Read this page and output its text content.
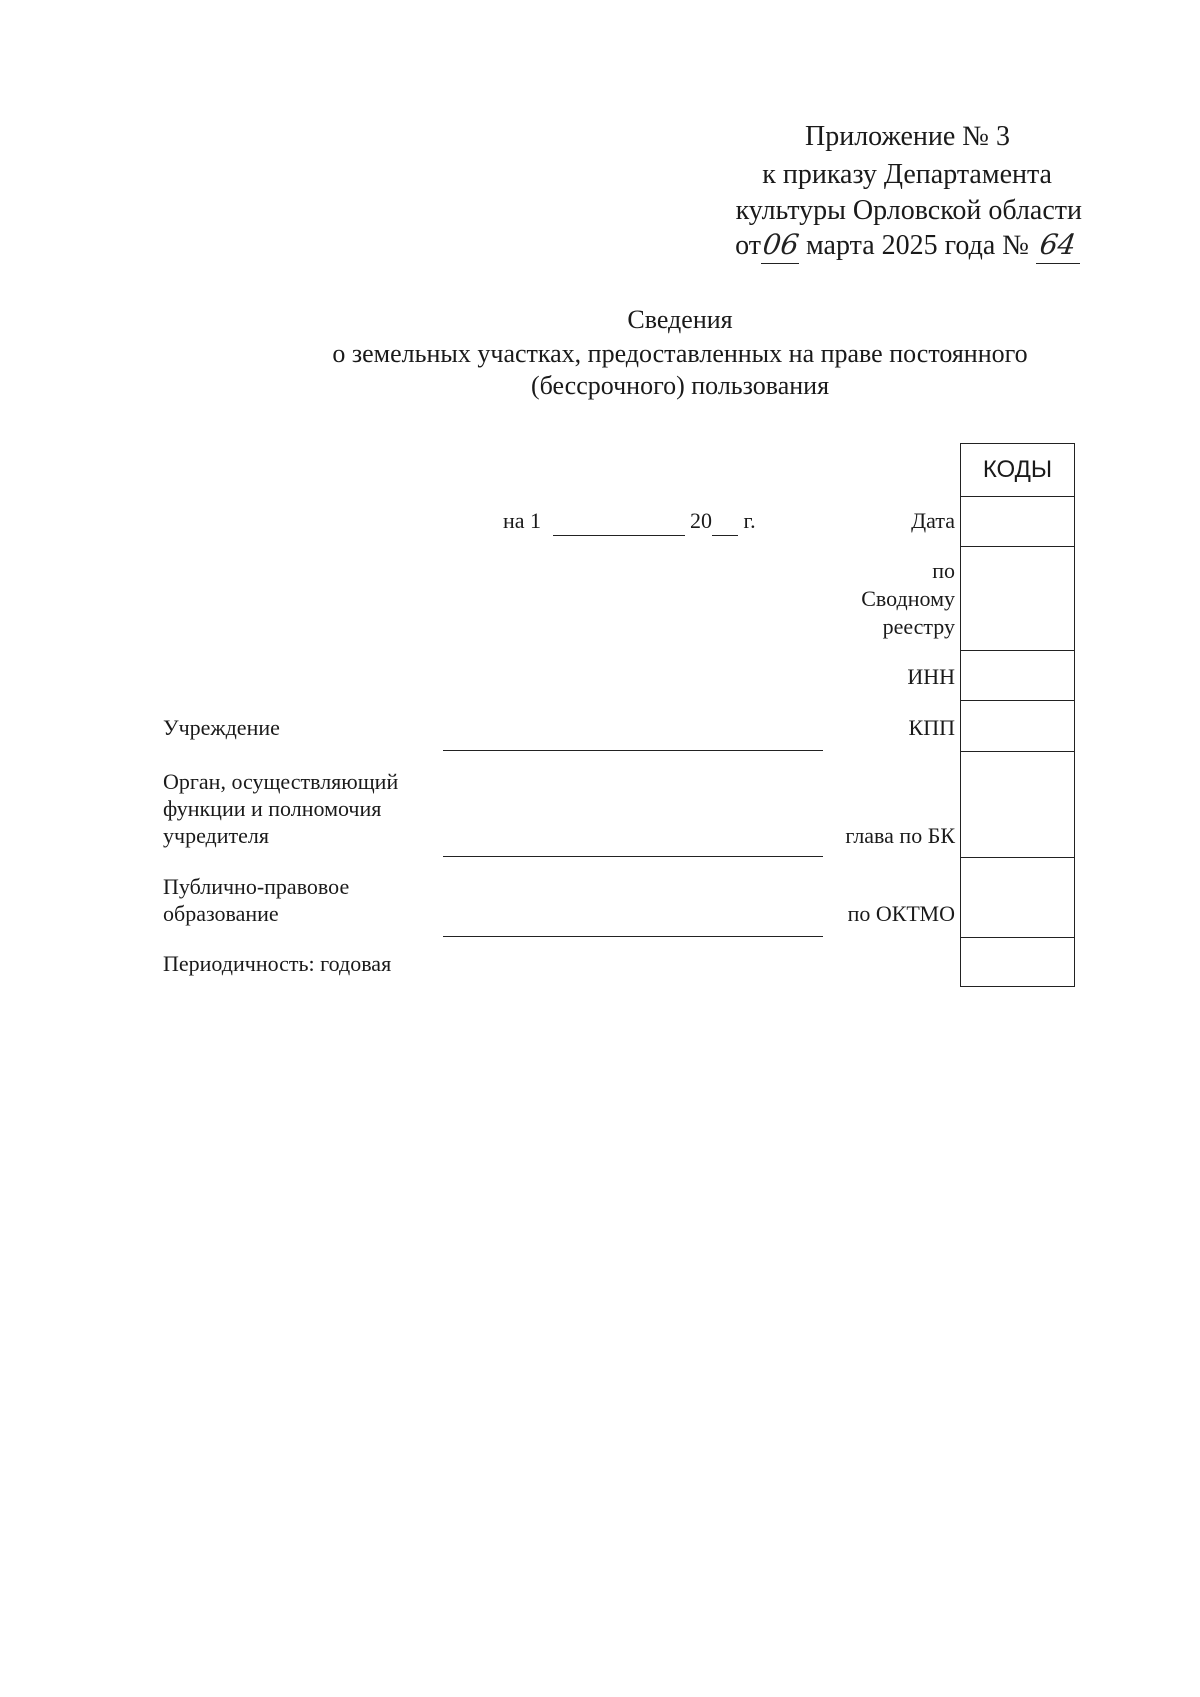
Приложение № 3
к приказу Департамента
культуры Орловской области
от06 марта 2025 года № 64
Сведения
о земельных участках, предоставленных на праве постоянного
(бессрочного) пользования
на 1	20 г.
Учреждение
Орган, осуществляющий
функции и полномочия
учредителя
Публично-правовое
образование
Периодичность: годовая
Дата
по
Сводному
реестру
ИНН
КПП
глава по БК
по ОКТМО
КОДЫ
